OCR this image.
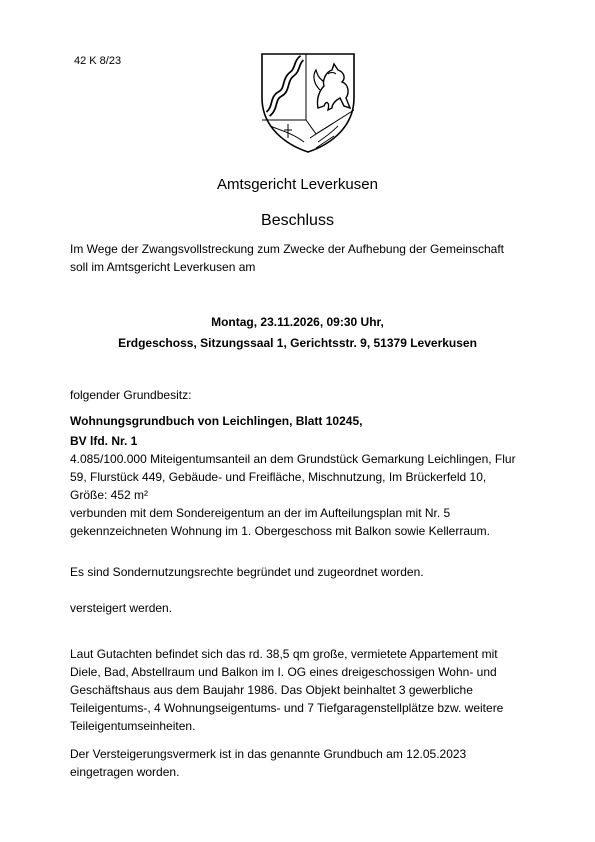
42 K 8/23
Amtsgericht Leverkusen
Beschluss
Im Wege der Zwangsvollstreckung zum Zwecke der Aufhebung der Gemeinschaft
soll im Amtsgericht Leverkusen am
Montag, 23.11.2026, 09:30 Uhr,
Erdgeschoss, Sitzungssaal 1, Gerichtsstr. 9, 51379 Leverkusen
folgender Grundbesitz:
Wohnungsgrundbuch von Leichlingen, Blatt 10245,
BV lfd. Nr. 1
4.085/100.000 Miteigentumsanteil an dem Grundstück Gemarkung Leichlingen, Flur
59, Flurstück 449, Gebäude- und Freifläche, Mischnutzung, Im Brückerfeld 10,
Größe: 452 m²
verbunden mit dem Sondereigentum an der im Aufteilungsplan mit Nr. 5
gekennzeichneten Wohnung im 1. Obergeschoss mit Balkon sowie Kellerraum.
Es sind Sondernutzungsrechte begründet und zugeordnet worden.
versteigert werden.
Laut Gutachten befindet sich das rd. 38,5 qm große, vermietete Appartement mit
Diele, Bad, Abstellraum und Balkon im I. OG eines dreigeschossigen Wohn- und
Geschäftshaus aus dem Baujahr 1986. Das Objekt beinhaltet 3 gewerbliche
Teileigentums-, 4 Wohnungseigentums- und 7 Tiefgaragenstellplätze bzw. weitere
Teileigentumseinheiten.
Der Versteigerungsvermerk ist in das genannte Grundbuch am 12.05.2023
eingetragen worden.
